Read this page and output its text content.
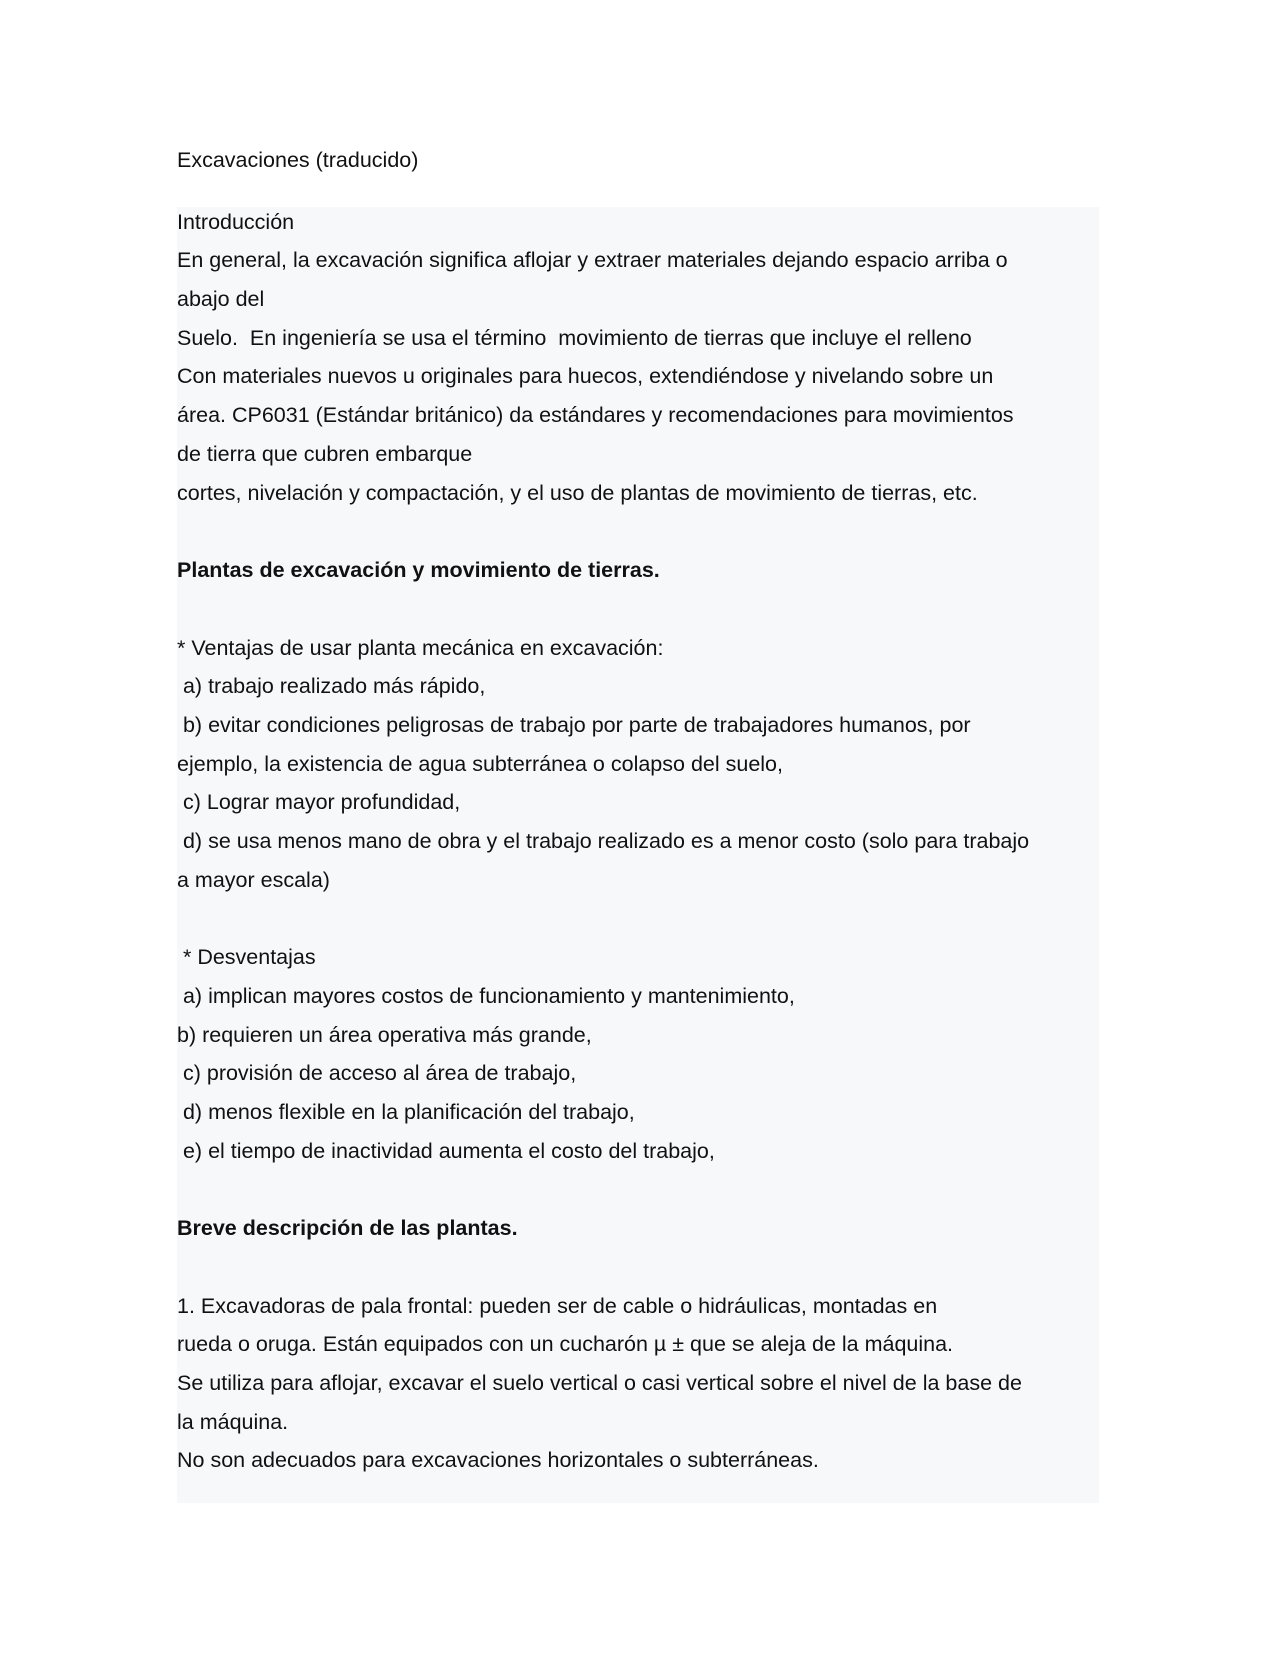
Excavaciones (traducido)
Introducción
En general, la excavación significa aflojar y extraer materiales dejando espacio arriba o
abajo del
Suelo.  En ingeniería se usa el término  movimiento de tierras que incluye el relleno
Con materiales nuevos u originales para huecos, extendiéndose y nivelando sobre un
área. CP6031 (Estándar británico) da estándares y recomendaciones para movimientos
de tierra que cubren embarque
cortes, nivelación y compactación, y el uso de plantas de movimiento de tierras, etc.
Plantas de excavación y movimiento de tierras.
* Ventajas de usar planta mecánica en excavación:
a) trabajo realizado más rápido,
b) evitar condiciones peligrosas de trabajo por parte de trabajadores humanos, por
ejemplo, la existencia de agua subterránea o colapso del suelo,
c) Lograr mayor profundidad,
d) se usa menos mano de obra y el trabajo realizado es a menor costo (solo para trabajo
a mayor escala)
* Desventajas
a) implican mayores costos de funcionamiento y mantenimiento,
b) requieren un área operativa más grande,
c) provisión de acceso al área de trabajo,
d) menos flexible en la planificación del trabajo,
e) el tiempo de inactividad aumenta el costo del trabajo,
Breve descripción de las plantas.
1. Excavadoras de pala frontal: pueden ser de cable o hidráulicas, montadas en
rueda o oruga. Están equipados con un cucharón µ ± que se aleja de la máquina.
Se utiliza para aflojar, excavar el suelo vertical o casi vertical sobre el nivel de la base de
la máquina.
No son adecuados para excavaciones horizontales o subterráneas.
